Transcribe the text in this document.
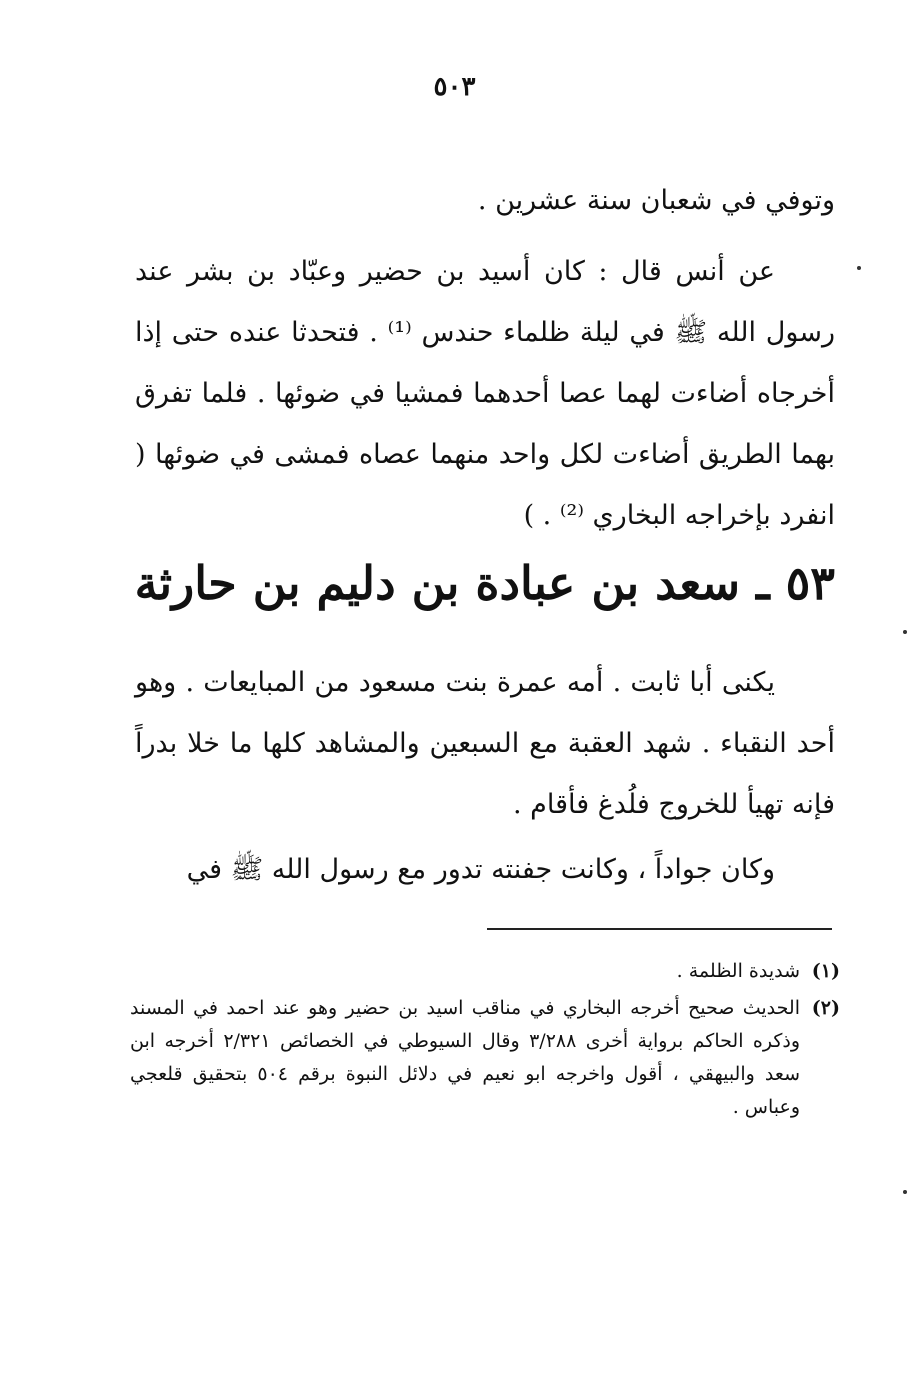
٥٠٣

وتوفي في شعبان سنة عشرين .

عن أنس قال : كان أسيد بن حضير وعبّاد بن بشر عند رسول الله ﷺ في ليلة ظلماء حندس ⁽¹⁾ . فتحدثا عنده حتى إذا أخرجاه أضاءت لهما عصا أحدهما فمشيا في ضوئها . فلما تفرق بهما الطريق أضاءت لكل واحد منهما عصاه فمشى في ضوئها ( انفرد بإخراجه البخاري ⁽²⁾ . )

٥٣ ـ سعد بن عبادة بن دليم بن حارثة

يكنى أبا ثابت . أمه عمرة بنت مسعود من المبايعات . وهو أحد النقباء . شهد العقبة مع السبعين والمشاهد كلها ما خلا بدراً فإنه تهيأ للخروج فلُدغ فأقام .

وكان جواداً ، وكانت جفنته تدور مع رسول الله ﷺ في

(١)
شديدة الظلمة .
(٢)
الحديث صحيح أخرجه البخاري في مناقب اسيد بن حضير وهو عند احمد في المسند وذكره الحاكم برواية أخرى ٣/٢٨٨ وقال السيوطي في الخصائص ٢/٣٢١ أخرجه ابن سعد والبيهقي ، أقول واخرجه ابو نعيم في دلائل النبوة برقم ٥٠٤ بتحقيق قلعجي وعباس .
